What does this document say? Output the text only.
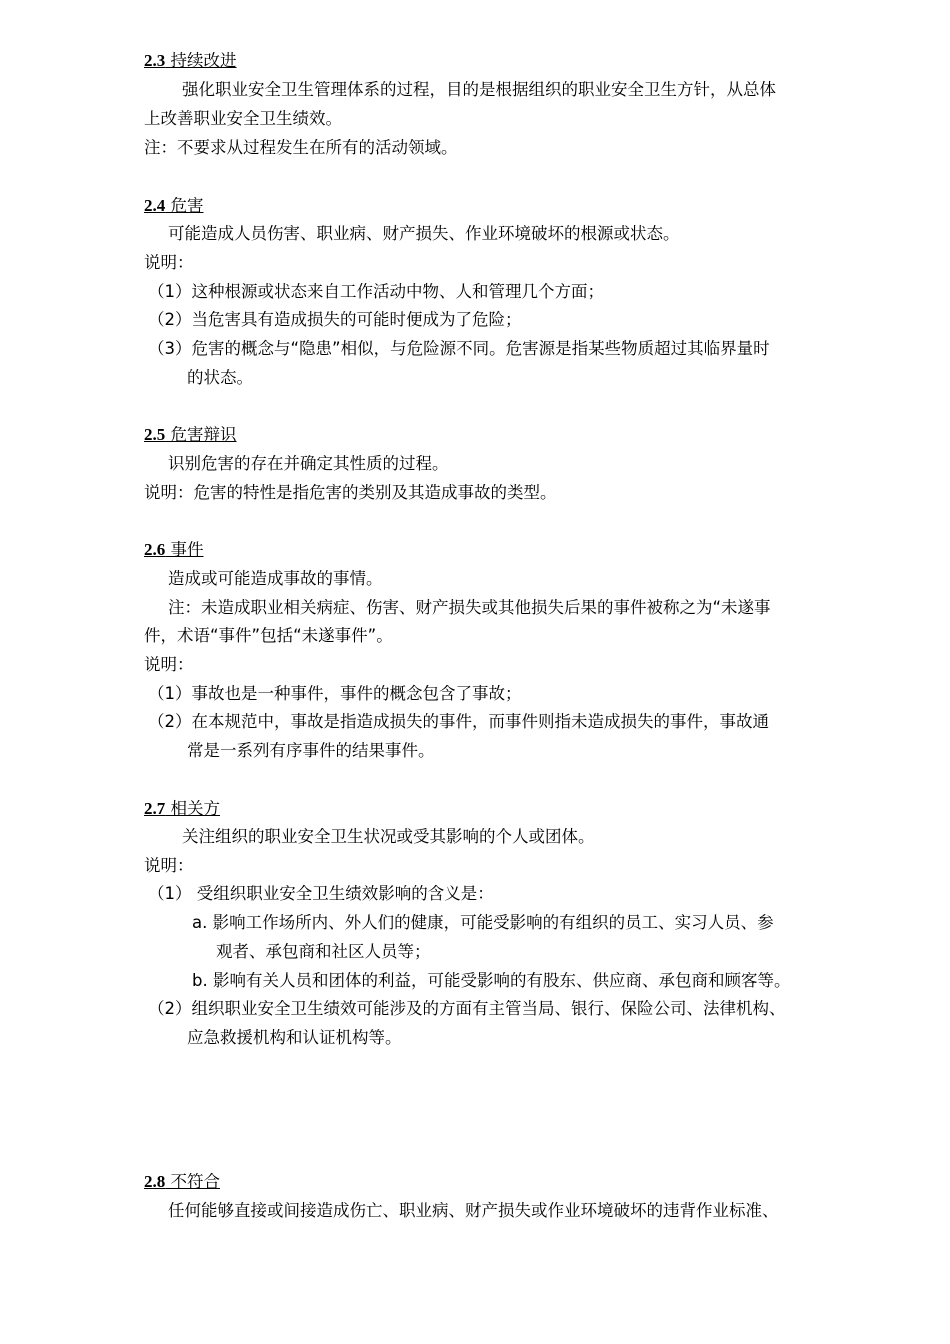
2.3 持续改进
强化职业安全卫生管理体系的过程，目的是根据组织的职业安全卫生方针，从总体
上改善职业安全卫生绩效。
注：不要求从过程发生在所有的活动领域。
2.4 危害
可能造成人员伤害、职业病、财产损失、作业环境破坏的根源或状态。
说明：
（1）这种根源或状态来自工作活动中物、人和管理几个方面；
（2）当危害具有造成损失的可能时便成为了危险；
（3）危害的概念与“隐患”相似，与危险源不同。危害源是指某些物质超过其临界量时
的状态。
2.5 危害辩识
识别危害的存在并确定其性质的过程。
说明：危害的特性是指危害的类别及其造成事故的类型。
2.6 事件
造成或可能造成事故的事情。
注：未造成职业相关病症、伤害、财产损失或其他损失后果的事件被称之为“未遂事
件，术语“事件”包括“未遂事件”。
说明：
（1）事故也是一种事件，事件的概念包含了事故；
（2）在本规范中，事故是指造成损失的事件，而事件则指未造成损失的事件，事故通
常是一系列有序事件的结果事件。
2.7 相关方
关注组织的职业安全卫生状况或受其影响的个人或团体。
说明：
（1） 受组织职业安全卫生绩效影响的含义是：
a. 影响工作场所内、外人们的健康，可能受影响的有组织的员工、实习人员、参
观者、承包商和社区人员等；
b. 影响有关人员和团体的利益，可能受影响的有股东、供应商、承包商和顾客等。
（2）组织职业安全卫生绩效可能涉及的方面有主管当局、银行、保险公司、法律机构、
应急救援机构和认证机构等。
2.8 不符合
任何能够直接或间接造成伤亡、职业病、财产损失或作业环境破坏的违背作业标准、
